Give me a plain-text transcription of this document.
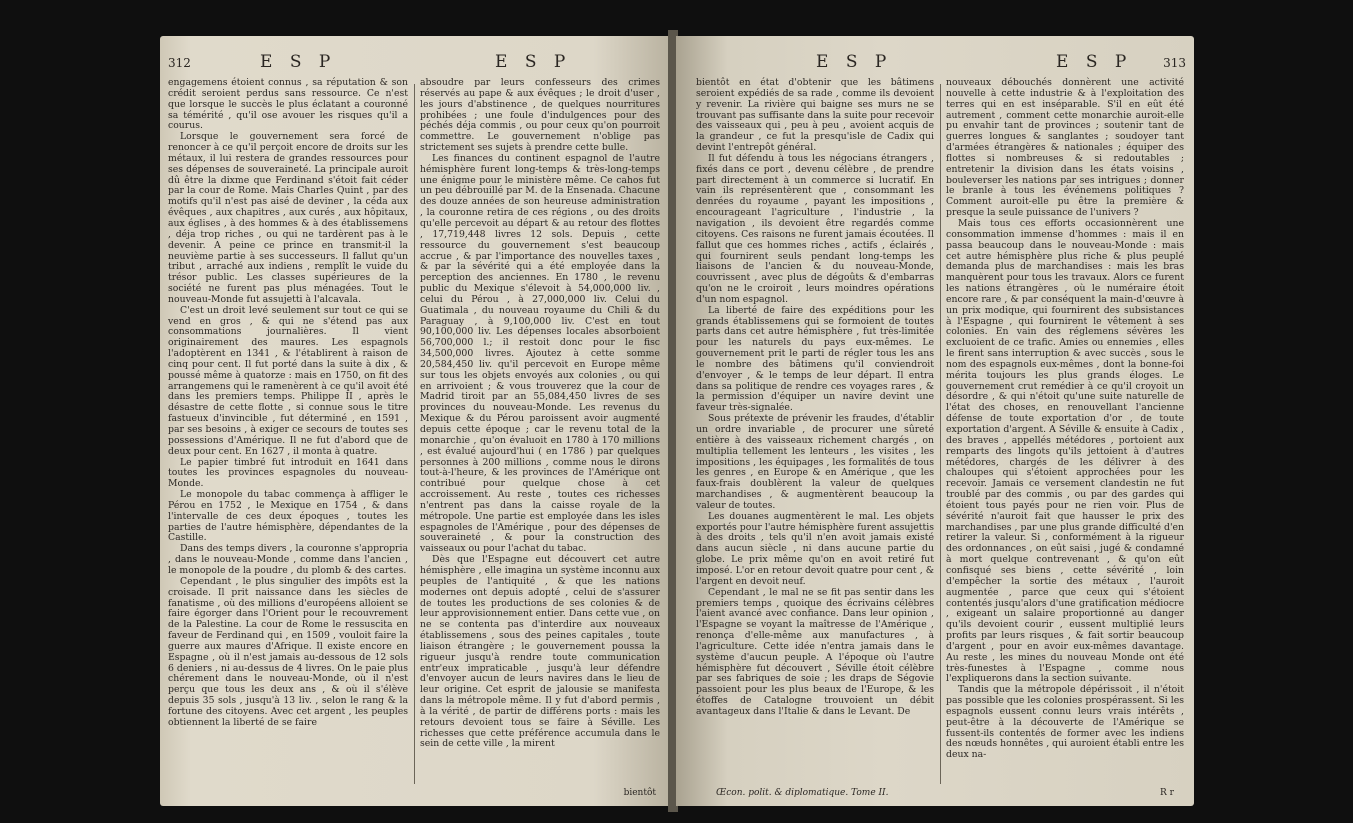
312	E S P	E S P

engagemens étoient connus , sa réputation & son crédit seroient perdus sans ressource. Ce n'est que lorsque le succès le plus éclatant a couronné sa témérité , qu'il ose avouer les risques qu'il a courus.

Lorsque le gouvernement sera forcé de renoncer à ce qu'il perçoit encore de droits sur les métaux, il lui restera de grandes ressources pour ses dépenses de souveraineté. La principale auroit dû être la dixme que Ferdinand s'étoit fait céder par la cour de Rome. Mais Charles Quint , par des motifs qu'il n'est pas aisé de deviner , la céda aux évêques , aux chapitres , aux curés , aux hôpitaux, aux églises , à des hommes & à des établissemens , déja trop riches , ou qui ne tardèrent pas à le devenir. A peine ce prince en transmit-il la neuvième partie à ses successeurs. Il fallut qu'un tribut , arraché aux indiens , remplît le vuide du trésor public. Les classes supérieures de la société ne furent pas plus ménagées. Tout le nouveau-Monde fut assujetti à l'alcavala.

C'est un droit levé seulement sur tout ce qui se vend en gros , & qui ne s'étend pas aux consommations journalières. Il vient originairement des maures. Les espagnols l'adoptèrent en 1341 , & l'établirent à raison de cinq pour cent. Il fut porté dans la suite à dix , & poussé même à quatorze : mais en 1750, on fit des arrangemens qui le ramenèrent à ce qu'il avoit été dans les premiers temps. Philippe II , après le désastre de cette flotte , si connue sous le titre fastueux d'invincible , fut déterminé , en 1591 , par ses besoins , à exiger ce secours de toutes ses possessions d'Amérique. Il ne fut d'abord que de deux pour cent. En 1627 , il monta à quatre.

Le papier timbré fut introduit en 1641 dans toutes les provinces espagnoles du nouveau-Monde.

Le monopole du tabac commença à affliger le Pérou en 1752 , le Mexique en 1754 , & dans l'intervalle de ces deux époques , toutes les parties de l'autre hémisphère, dépendantes de la Castille.

Dans des temps divers , la couronne s'appropria , dans le nouveau-Monde , comme dans l'ancien , le monopole de la poudre , du plomb & des cartes.

Cependant , le plus singulier des impôts est la croisade. Il prit naissance dans les siècles de fanatisme , où des millions d'européens alloient se faire égorger dans l'Orient pour le recouvrement de la Palestine. La cour de Rome le ressuscita en faveur de Ferdinand qui , en 1509 , vouloit faire la guerre aux maures d'Afrique. Il existe encore en Espagne , où il n'est jamais au-dessous de 12 sols 6 deniers , ni au-dessus de 4 livres. On le paie plus chérement dans le nouveau-Monde, où il n'est perçu que tous les deux ans , & où il s'élève depuis 35 sols , jusqu'à 13 liv. , selon le rang & la fortune des citoyens. Avec cet argent , les peuples obtiennent la liberté de se faire

absoudre par leurs confesseurs des crimes réservés au pape & aux évêques ; le droit d'user , les jours d'abstinence , de quelques nourritures prohibées ; une foule d'indulgences pour des péchés déja commis , ou pour ceux qu'on pourroit commettre. Le gouvernement n'oblige pas strictement ses sujets à prendre cette bulle.

Les finances du continent espagnol de l'autre hémisphère furent long-temps & très-long-temps une énigme pour le ministère même. Ce cahos fut un peu débrouillé par M. de la Ensenada. Chacune des douze années de son heureuse administration , la couronne retira de ces régions , ou des droits qu'elle percevoit au départ & au retour des flottes , 17,719,448 livres 12 sols. Depuis , cette ressource du gouvernement s'est beaucoup accrue , & par l'importance des nouvelles taxes , & par la sévérité qui a été employée dans la perception des anciennes. En 1780 , le revenu public du Mexique s'élevoit à 54,000,000 liv. , celui du Pérou , à 27,000,000 liv. Celui du Guatimala , du nouveau royaume du Chili & du Paraguay , à 9,100,000 liv. C'est en tout 90,100,000 liv. Les dépenses locales absorboient 56,700,000 l.; il restoit donc pour le fisc 34,500,000 livres. Ajoutez à cette somme 20,584,450 liv. qu'il percevoit en Europe même sur tous les objets envoyés aux colonies , ou qui en arrivoient ; & vous trouverez que la cour de Madrid tiroit par an 55,084,450 livres de ses provinces du nouveau-Monde. Les revenus du Mexique & du Pérou paroissent avoir augmenté depuis cette époque ; car le revenu total de la monarchie , qu'on évaluoit en 1780 à 170 millions , est évalué aujourd'hui ( en 1786 ) par quelques personnes à 200 millions , comme nous le dirons tout-à-l'heure, & les provinces de l'Amérique ont contribué pour quelque chose à cet accroissement. Au reste , toutes ces richesses n'entrent pas dans la caisse royale de la métropole. Une partie est employée dans les isles espagnoles de l'Amérique , pour des dépenses de souveraineté , & pour la construction des vaisseaux ou pour l'achat du tabac.

Dès que l'Espagne eut découvert cet autre hémisphère , elle imagina un système inconnu aux peuples de l'antiquité , & que les nations modernes ont depuis adopté , celui de s'assurer de toutes les productions de ses colonies & de leur approvisionnement entier. Dans cette vue , on ne se contenta pas d'interdire aux nouveaux établissemens , sous des peines capitales , toute liaison étrangère ; le gouvernement poussa la rigueur jusqu'à rendre toute communication entr'eux impraticable , jusqu'à leur défendre d'envoyer aucun de leurs navires dans le lieu de leur origine. Cet esprit de jalousie se manifesta dans la métropole même. Il y fut d'abord permis , à la vérité , de partir de différens ports : mais les retours devoient tous se faire à Séville. Les richesses que cette préférence accumula dans le sein de cette ville , la mirent

bientôt
E S P	E S P	313

bientôt en état d'obtenir que les bâtimens seroient expédiés de sa rade , comme ils devoient y revenir. La rivière qui baigne ses murs ne se trouvant pas suffisante dans la suite pour recevoir des vaisseaux qui , peu à peu , avoient acquis de la grandeur , ce fut la presqu'isle de Cadix qui devint l'entrepôt général.

Il fut défendu à tous les négocians étrangers , fixés dans ce port , devenu célèbre , de prendre part directement à un commerce si lucratif. En vain ils représentèrent que , consommant les denrées du royaume , payant les impositions , encourageant l'agriculture , l'industrie , la navigation , ils devoient être regardés comme citoyens. Ces raisons ne furent jamais écoutées. Il fallut que ces hommes riches , actifs , éclairés , qui fournirent seuls pendant long-temps les liaisons de l'ancien & du nouveau-Monde, couvrissent , avec plus de dégoûts & d'embarras qu'on ne le croiroit , leurs moindres opérations d'un nom espagnol.

La liberté de faire des expéditions pour les grands établissemens qui se formoient de toutes parts dans cet autre hémisphère , fut très-limitée pour les naturels du pays eux-mêmes. Le gouvernement prit le parti de régler tous les ans le nombre des bâtimens qu'il conviendroit d'envoyer , & le temps de leur départ. Il entra dans sa politique de rendre ces voyages rares , & la permission d'équiper un navire devint une faveur très-signalée.

Sous prétexte de prévenir les fraudes, d'établir un ordre invariable , de procurer une sûreté entière à des vaisseaux richement chargés , on multiplia tellement les lenteurs , les visites , les impositions , les équipages , les formalités de tous les genres , en Europe & en Amérique , que les faux-frais doublèrent la valeur de quelques marchandises , & augmentèrent beaucoup la valeur de toutes.

Les douanes augmentèrent le mal. Les objets exportés pour l'autre hémisphère furent assujettis à des droits , tels qu'il n'en avoit jamais existé dans aucun siècle , ni dans aucune partie du globe. Le prix même qu'on en avoit retiré fut imposé. L'or en retour devoit quatre pour cent , & l'argent en devoit neuf.

Cependant , le mal ne se fit pas sentir dans les premiers temps , quoique des écrivains célèbres l'aient avancé avec confiance. Dans leur opinion , l'Espagne se voyant la maîtresse de l'Amérique , renonça d'elle-même aux manufactures , à l'agriculture. Cette idée n'entra jamais dans le système d'aucun peuple. A l'époque où l'autre hémisphère fut découvert , Séville étoit célèbre par ses fabriques de soie ; les draps de Ségovie passoient pour les plus beaux de l'Europe, & les étoffes de Catalogne trouvoient un débit avantageux dans l'Italie & dans le Levant. De

nouveaux débouchés donnèrent une activité nouvelle à cette industrie & à l'exploitation des terres qui en est inséparable. S'il en eût été autrement , comment cette monarchie auroit-elle pu envahir tant de provinces ; soutenir tant de guerres longues & sanglantes ; soudoyer tant d'armées étrangères & nationales ; équiper des flottes si nombreuses & si redoutables ; entretenir la division dans les états voisins , bouleverser les nations par ses intrigues ; donner le branle à tous les événemens politiques ? Comment auroit-elle pu être la première & presque la seule puissance de l'univers ?

Mais tous ces efforts occasionnèrent une consommation immense d'hommes : mais il en passa beaucoup dans le nouveau-Monde : mais cet autre hémisphère plus riche & plus peuplé demanda plus de marchandises : mais les bras manquèrent pour tous les travaux. Alors ce furent les nations étrangères , où le numéraire étoit encore rare , & par conséquent la main-d'œuvre à un prix modique, qui fournirent des subsistances à l'Espagne , qui fournirent le vêtement à ses colonies. En vain des réglemens sévères les excluoient de ce trafic. Amies ou ennemies , elles le firent sans interruption & avec succès , sous le nom des espagnols eux-mêmes , dont la bonne-foi mérita toujours les plus grands éloges. Le gouvernement crut remédier à ce qu'il croyoit un désordre , & qui n'étoit qu'une suite naturelle de l'état des choses, en renouvellant l'ancienne défense de toute exportation d'or , de toute exportation d'argent. A Séville & ensuite à Cadix , des braves , appellés métédores , portoient aux remparts des lingots qu'ils jettoient à d'autres métédores, chargés de les délivrer à des chaloupes qui s'étoient approchées pour les recevoir. Jamais ce versement clandestin ne fut troublé par des commis , ou par des gardes qui étoient tous payés pour ne rien voir. Plus de sévérité n'auroit fait que hausser le prix des marchandises , par une plus grande difficulté d'en retirer la valeur. Si , conformément à la rigueur des ordonnances , on eût saisi , jugé & condamné à mort quelque contrevenant , & qu'on eût confisqué ses biens , cette sévérité , loin d'empêcher la sortie des métaux , l'auroit augmentée , parce que ceux qui s'étoient contentés jusqu'alors d'une gratification médiocre , exigeant un salaire proportionné au danger qu'ils devoient courir , eussent multiplié leurs profits par leurs risques , & fait sortir beaucoup d'argent , pour en avoir eux-mêmes davantage. Au reste , les mines du nouveau Monde ont été très-funestes à l'Espagne , comme nous l'expliquerons dans la section suivante.

Tandis que la métropole dépérissoit , il n'étoit pas possible que les colonies prospérassent. Si les espagnols eussent connu leurs vrais intérêts , peut-être à la découverte de l'Amérique se fussent-ils contentés de former avec les indiens des nœuds honnêtes , qui auroient établi entre les deux na-

Œcon. polit. & diplomatique. Tome II.	R r
